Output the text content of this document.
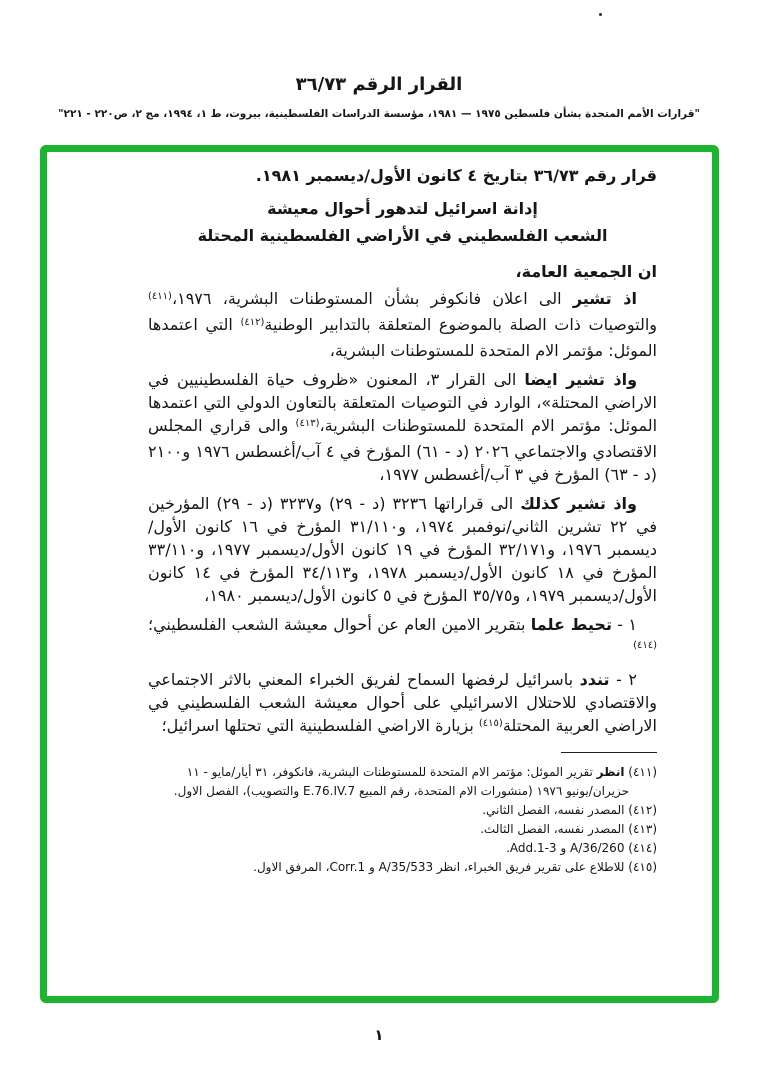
القرار الرقم ٣٦/٧٣
"قرارات الأمم المتحدة بشأن فلسطين ١٩٧٥ — ١٩٨١، مؤسسة الدراسات الفلسطينية، بيروت، ط ١، ١٩٩٤، مج ٢، ص٢٢٠ - ٢٢١"

قرار رقم ٣٦/٧٣ بتاريخ ٤ كانون الأول/ديسمبر ١٩٨١.

إدانة اسرائيل لتدهور أحوال معيشة
الشعب الفلسطيني في الأراضي الفلسطينية المحتلة

ان الجمعية العامة،

اذ تشير الى اعلان فانكوفر بشأن المستوطنات البشرية، ١٩٧٦،$^{(٤١١)}$ والتوصيات ذات الصلة بالموضوع المتعلقة بالتدابير الوطنية$^{(٤١٢)}$ التي اعتمدها الموئل: مؤتمر الام المتحدة للمستوطنات البشرية،

واذ تشير ايضا الى القرار ٣، المعنون «ظروف حياة الفلسطينيين في الاراضي المحتلة»، الوارد في التوصيات المتعلقة بالتعاون الدولي التي اعتمدها الموئل: مؤتمر الام المتحدة للمستوطنات البشرية،$^{(٤١٣)}$ والى قراري المجلس الاقتصادي والاجتماعي ٢٠٢٦ (د - ٦١) المؤرخ في ٤ آب/أغسطس ١٩٧٦ و٢١٠٠ (د - ٦٣) المؤرخ في ٣ آب/أغسطس ١٩٧٧،

واذ تشير كذلك الى قراراتها ٣٢٣٦ (د - ٢٩) و٣٢٣٧ (د - ٢٩) المؤرخين في ٢٢ تشرين الثاني/نوفمبر ١٩٧٤، و٣١/١١٠ المؤرخ في ١٦ كانون الأول/ديسمبر ١٩٧٦، و٣٢/١٧١ المؤرخ في ١٩ كانون الأول/ديسمبر ١٩٧٧، و٣٣/١١٠ المؤرخ في ١٨ كانون الأول/ديسمبر ١٩٧٨، و٣٤/١١٣ المؤرخ في ١٤ كانون الأول/ديسمبر ١٩٧٩، و٣٥/٧٥ المؤرخ في ٥ كانون الأول/ديسمبر ١٩٨٠،

١ - تحيط علما بتقرير الامين العام عن أحوال معيشة الشعب الفلسطيني؛$^{(٤١٤)}$

٢ - تندد باسرائيل لرفضها السماح لفريق الخبراء المعني بالاثر الاجتماعي والاقتصادي للاحتلال الاسرائيلي على أحوال معيشة الشعب الفلسطيني في الاراضي العربية المحتلة$^{(٤١٥)}$ بزيارة الاراضي الفلسطينية التي تحتلها اسرائيل؛

(٤١١) انظر تقرير الموئل: مؤتمر الام المتحدة للمستوطنات البشرية، فانكوفر، ٣١ أيار/مايو - ١١ حزيران/يونيو ١٩٧٦ (منشورات الام المتحدة، رقم المبيع E.76.IV.7 والتصويب)، الفصل الاول.

(٤١٢) المصدر نفسه، الفصل الثاني.

(٤١٣) المصدر نفسه، الفصل الثالث.

(٤١٤) A/36/260 و Add.1-3.

(٤١٥) للاطلاع على تقرير فريق الخبراء، انظر A/35/533 و Corr.1، المرفق الاول.

١
